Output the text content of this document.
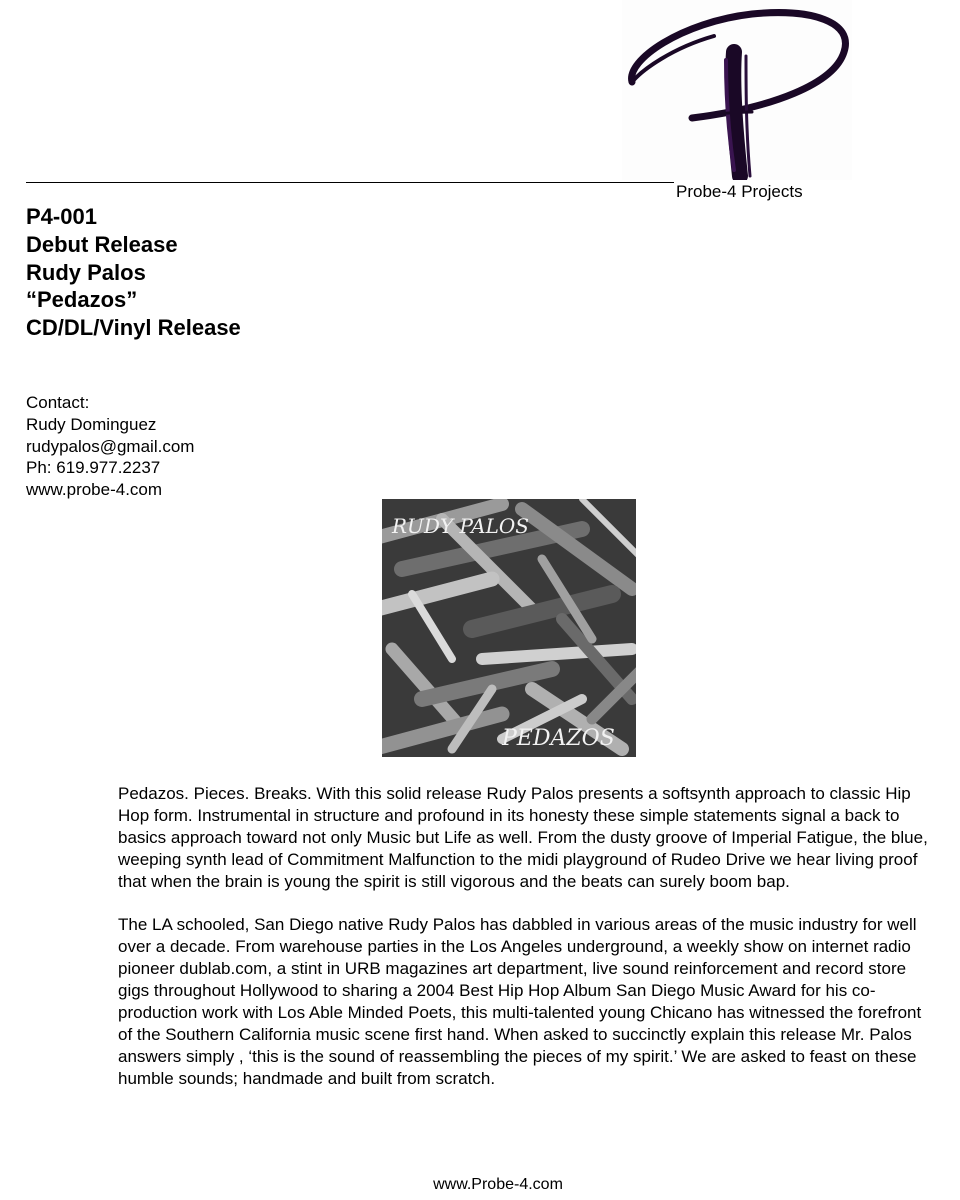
Probe-4 Projects
P4-001
Debut Release
Rudy Palos
“Pedazos”
CD/DL/Vinyl Release
Contact:
Rudy Dominguez
rudypalos@gmail.com
Ph: 619.977.2237
www.probe-4.com
RUDY PALOS
PEDAZOS

Pedazos. Pieces. Breaks. With this solid release Rudy Palos presents a softsynth approach to classic Hip Hop form. Instrumental in structure and profound in its honesty these simple statements signal a back to basics approach toward not only Music but Life as well. From the dusty groove of Imperial Fatigue, the blue, weeping synth lead of Commitment Malfunction to the midi playground of Rudeo Drive we hear living proof that when the brain is young the spirit is still vigorous and the beats can surely boom bap.

The LA schooled, San Diego native Rudy Palos has dabbled in various areas of the music industry for well over a decade. From warehouse parties in the Los Angeles underground, a weekly show on internet radio pioneer dublab.com, a stint in URB magazines art department, live sound reinforcement and record store gigs throughout Hollywood to sharing a 2004 Best Hip Hop Album San Diego Music Award for his co-production work with Los Able Minded Poets, this multi-talented young Chicano has witnessed the forefront of the Southern California music scene first hand. When asked to succinctly explain this release Mr. Palos answers simply , ‘this is the sound of reassembling the pieces of my spirit.’ We are asked to feast on these humble sounds; handmade and built from scratch.

www.Probe-4.com
